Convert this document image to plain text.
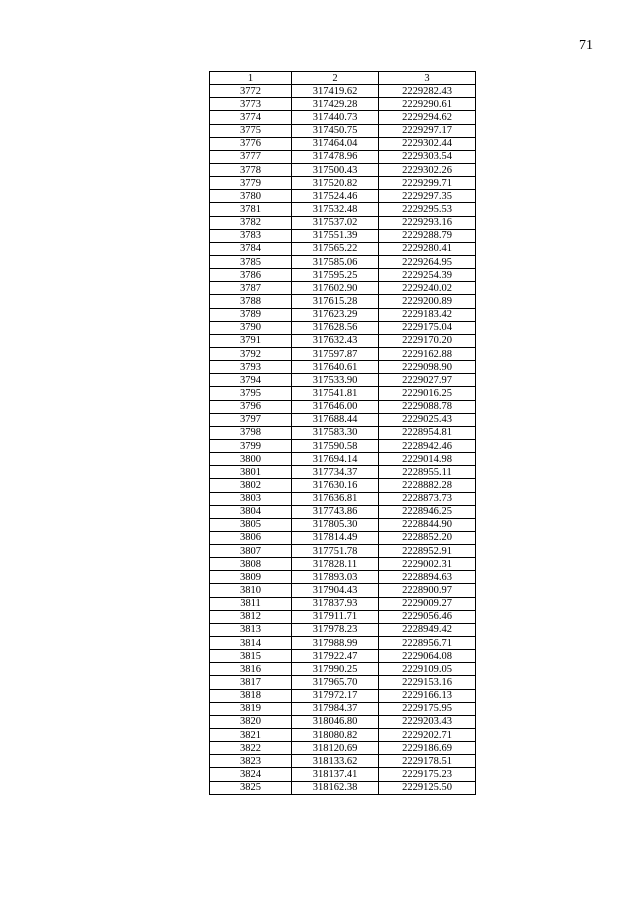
71
1	2	3
3772	317419.62	2229282.43
3773	317429.28	2229290.61
3774	317440.73	2229294.62
3775	317450.75	2229297.17
3776	317464.04	2229302.44
3777	317478.96	2229303.54
3778	317500.43	2229302.26
3779	317520.82	2229299.71
3780	317524.46	2229297.35
3781	317532.48	2229295.53
3782	317537.02	2229293.16
3783	317551.39	2229288.79
3784	317565.22	2229280.41
3785	317585.06	2229264.95
3786	317595.25	2229254.39
3787	317602.90	2229240.02
3788	317615.28	2229200.89
3789	317623.29	2229183.42
3790	317628.56	2229175.04
3791	317632.43	2229170.20
3792	317597.87	2229162.88
3793	317640.61	2229098.90
3794	317533.90	2229027.97
3795	317541.81	2229016.25
3796	317646.00	2229088.78
3797	317688.44	2229025.43
3798	317583.30	2228954.81
3799	317590.58	2228942.46
3800	317694.14	2229014.98
3801	317734.37	2228955.11
3802	317630.16	2228882.28
3803	317636.81	2228873.73
3804	317743.86	2228946.25
3805	317805.30	2228844.90
3806	317814.49	2228852.20
3807	317751.78	2228952.91
3808	317828.11	2229002.31
3809	317893.03	2228894.63
3810	317904.43	2228900.97
3811	317837.93	2229009.27
3812	317911.71	2229056.46
3813	317978.23	2228949.42
3814	317988.99	2228956.71
3815	317922.47	2229064.08
3816	317990.25	2229109.05
3817	317965.70	2229153.16
3818	317972.17	2229166.13
3819	317984.37	2229175.95
3820	318046.80	2229203.43
3821	318080.82	2229202.71
3822	318120.69	2229186.69
3823	318133.62	2229178.51
3824	318137.41	2229175.23
3825	318162.38	2229125.50
